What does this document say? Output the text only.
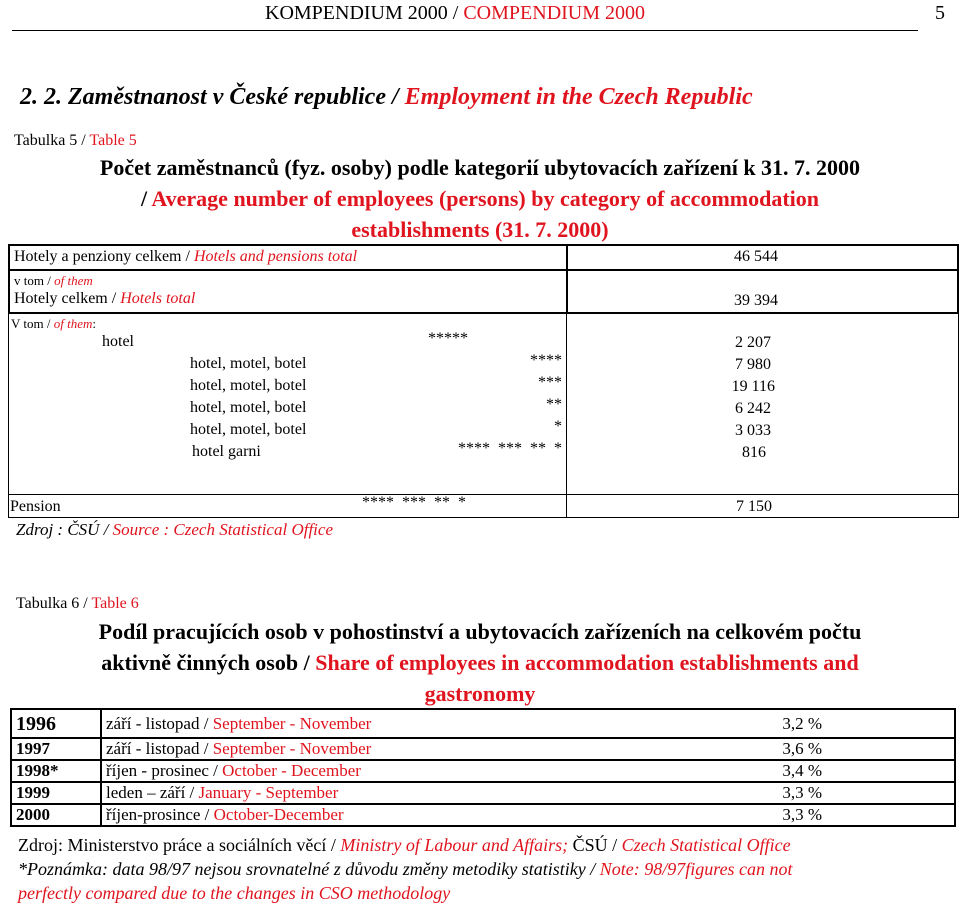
KOMPENDIUM 2000 / COMPENDIUM 2000	5
2. 2. Zaměstnanost v České republice / Employment in the Czech Republic
Tabulka 5 / Table 5
Počet zaměstnanců (fyz. osoby) podle kategorií ubytovacích zařízení k 31. 7. 2000
/ Average number of employees (persons) by category of accommodation
establishments (31. 7. 2000)
Hotely a penziony celkem / Hotels and pensions total	46 544
v tom / of them
Hotely celkem / Hotels total	39 394
V tom / of them:
hotel	*****	2 207
hotel, motel, botel	****	7 980
hotel, motel, botel	***	19 116
hotel, motel, botel	**	6 242
hotel, motel, botel	*	3 033
hotel garni	****  ***  **  *	816
Pension	****  ***  **  *	7 150
Zdroj : ČSÚ / Source : Czech Statistical Office
Tabulka 6 / Table 6
Podíl pracujících osob v pohostinství a ubytovacích zařízeních na celkovém počtu
aktivně činných osob / Share of employees in accommodation establishments and
gastronomy
1996	září - listopad / September - November	3,2 %
1997	září - listopad / September - November	3,6 %
1998*	říjen - prosinec / October - December	3,4 %
1999	leden – září / January - September	3,3 %
2000	říjen-prosince / October-December	3,3 %
Zdroj: Ministerstvo práce a sociálních věcí / Ministry of Labour and Affairs; ČSÚ / Czech Statistical Office
*Poznámka: data 98/97 nejsou srovnatelné z důvodu změny metodiky statistiky / Note: 98/97figures can not
perfectly compared due to the changes in CSO methodology
